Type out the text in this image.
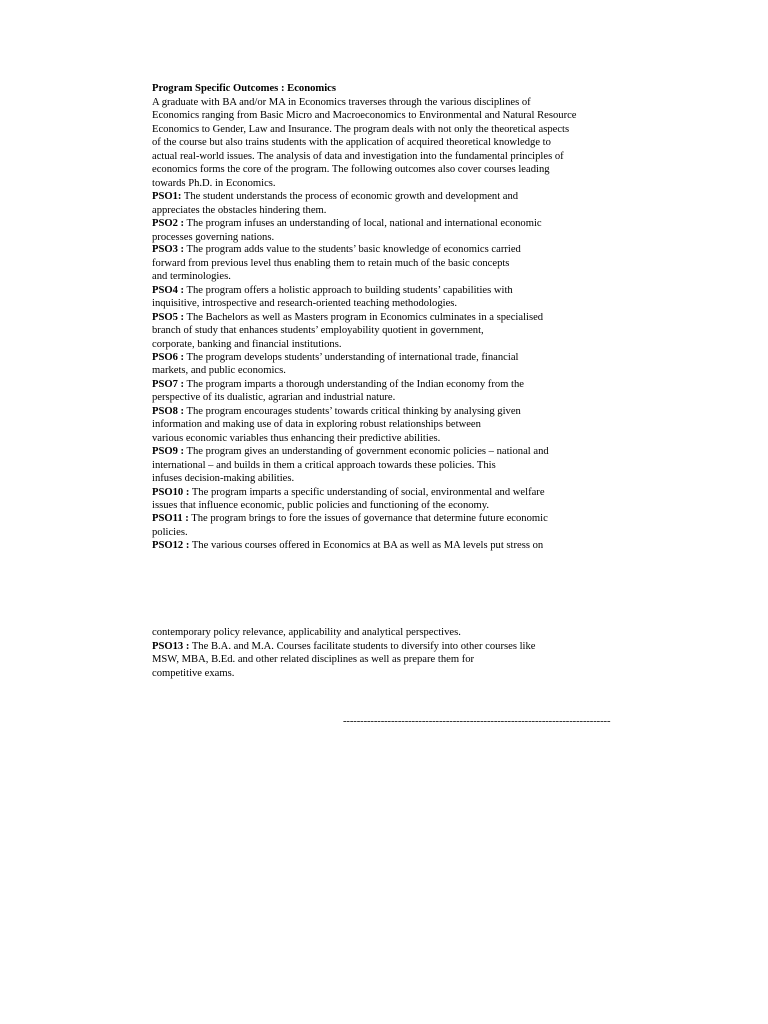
Program Specific Outcomes : Economics
A graduate with BA and/or MA in Economics traverses through the various disciplines of
Economics ranging from Basic Micro and Macroeconomics to Environmental and Natural Resource
Economics to Gender, Law and Insurance. The program deals with not only the theoretical aspects
of the course but also trains students with the application of acquired theoretical knowledge to
actual real-world issues. The analysis of data and investigation into the fundamental principles of
economics forms the core of the program. The following outcomes also cover courses leading
towards Ph.D. in Economics.
PSO1: The student understands the process of economic growth and development and
appreciates the obstacles hindering them.
PSO2 : The program infuses an understanding of local, national and international economic
processes governing nations.
PSO3 : The program adds value to the students’ basic knowledge of economics carried
forward from previous level thus enabling them to retain much of the basic concepts
and terminologies.
PSO4 : The program offers a holistic approach to building students’ capabilities with
inquisitive, introspective and research-oriented teaching methodologies.
PSO5 : The Bachelors as well as Masters program in Economics culminates in a specialised
branch of study that enhances students’ employability quotient in government,
corporate, banking and financial institutions.
PSO6 : The program develops students’ understanding of international trade, financial
markets, and public economics.
PSO7 : The program imparts a thorough understanding of the Indian economy from the
perspective of its dualistic, agrarian and industrial nature.
PSO8 : The program encourages students’ towards critical thinking by analysing given
information and making use of data in exploring robust relationships between
various economic variables thus enhancing their predictive abilities.
PSO9 : The program gives an understanding of government economic policies – national and
international – and builds in them a critical approach towards these policies. This
infuses decision-making abilities.
PSO10 : The program imparts a specific understanding of social, environmental and welfare
issues that influence economic, public policies and functioning of the economy.
PSO11 : The program brings to fore the issues of governance that determine future economic
policies.
PSO12 : The various courses offered in Economics at BA as well as MA levels put stress on
contemporary policy relevance, applicability and analytical perspectives.
PSO13 : The B.A. and M.A. Courses facilitate students to diversify into other courses like
MSW, MBA, B.Ed. and other related disciplines as well as prepare them for
competitive exams.
------------------------------------------------------------------------------
